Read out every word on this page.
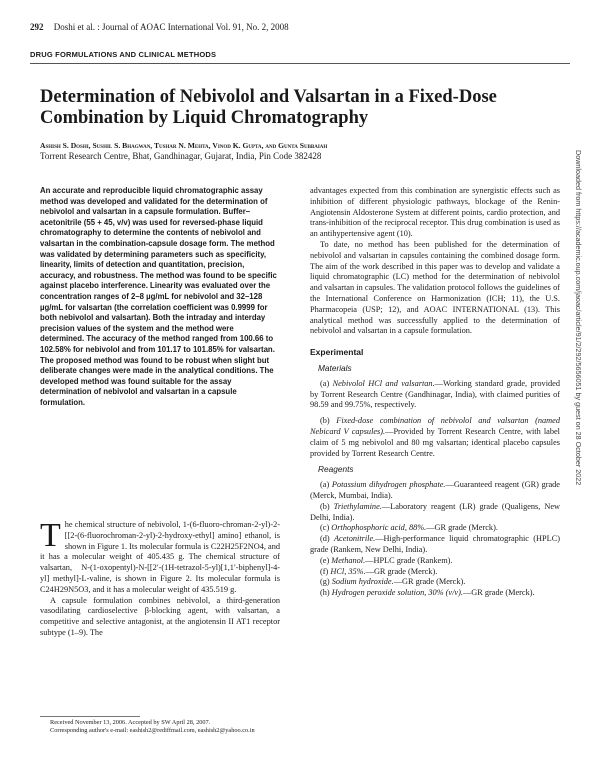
292 Doshi et al. : Journal of AOAC International Vol. 91, No. 2, 2008
DRUG FORMULATIONS AND CLINICAL METHODS
Determination of Nebivolol and Valsartan in a Fixed-Dose Combination by Liquid Chromatography
Ashish S. Doshi, Sushil S. Bhagwan, Tushar N. Mehta, Vinod K. Gupta, and Gunta Subbaiah
Torrent Research Centre, Bhat, Gandhinagar, Gujarat, India, Pin Code 382428
An accurate and reproducible liquid chromatographic assay method was developed and validated for the determination of nebivolol and valsartan in a capsule formulation. Buffer–acetonitrile (55 + 45, v/v) was used for reversed-phase liquid chromatography to determine the contents of nebivolol and valsartan in the combination-capsule dosage form. The method was validated by determining parameters such as specificity, linearity, limits of detection and quantitation, precision, accuracy, and robustness. The method was found to be specific against placebo interference. Linearity was evaluated over the concentration ranges of 2–8 µg/mL for nebivolol and 32–128 µg/mL for valsartan (the correlation coefficient was 0.9999 for both nebivolol and valsartan). Both the intraday and interday precision values of the system and the method were determined. The accuracy of the method ranged from 100.66 to 102.58% for nebivolol and from 101.17 to 101.85% for valsartan. The proposed method was found to be robust when slight but deliberate changes were made in the analytical conditions. The developed method was found suitable for the assay determination of nebivolol and valsartan in a capsule formulation.

The chemical structure of nebivolol, 1-(6-fluoro-chroman-2-yl)-2-[[2-(6-fluorochroman-2-yl)-2-hydroxy-ethyl] amino] ethanol, is shown in Figure 1. Its molecular formula is C22H25F2NO4, and it has a molecular weight of 405.435 g. The chemical structure of valsartan, N-(1-oxopentyl)-N-[[2′-(1H-tetrazol-5-yl)[1,1′-biphenyl]-4-yl] methyl]-L-valine, is shown in Figure 2. Its molecular formula is C24H29N5O3, and it has a molecular weight of 435.519 g.

A capsule formulation combines nebivolol, a third-generation vasodilating cardioselective β-blocking agent, with valsartan, a competitive and selective antagonist, at the angiotensin II AT1 receptor subtype (1–9). The

Received November 13, 2006. Accepted by SW April 28, 2007.
Corresponding author's e-mail: eashish2@rediffmail.com, eashish2@yahoo.co.in

advantages expected from this combination are synergistic effects such as inhibition of different physiologic pathways, blockage of the Renin-Angiotensin Aldosterone System at different points, cardio protection, and trans-inhibition of the reciprocal receptor. This drug combination is used as an antihypertensive agent (10).

To date, no method has been published for the determination of nebivolol and valsartan in capsules containing the combined dosage form. The aim of the work described in this paper was to develop and validate a liquid chromatographic (LC) method for the determination of nebivolol and valsartan in capsules. The validation protocol follows the guidelines of the International Conference on Harmonization (ICH; 11), the U.S. Pharmacopeia (USP; 12), and AOAC INTERNATIONAL (13). This analytical method was successfully applied to the determination of nebivolol and valsartan in a capsule formulation.

Experimental
Materials

(a) Nebivolol HCl and valsartan.—Working standard grade, provided by Torrent Research Centre (Gandhinagar, India), with claimed purities of 98.59 and 99.75%, respectively.

(b) Fixed-dose combination of nebivolol and valsartan (named Nebicard V capsules).—Provided by Torrent Research Centre, with label claim of 5 mg nebivolol and 80 mg valsartan; identical placebo capsules provided by Torrent Research Centre.

Reagents

(a) Potassium dihydrogen phosphate.—Guaranteed reagent (GR) grade (Merck, Mumbai, India).

(b) Triethylamine.—Laboratory reagent (LR) grade (Qualigens, New Delhi, India).

(c) Orthophosphoric acid, 88%.—GR grade (Merck).

(d) Acetonitrile.—High-performance liquid chromatographic (HPLC) grade (Rankem, New Delhi, India).

(e) Methanol.—HPLC grade (Rankem).

(f) HCl, 35%.—GR grade (Merck).

(g) Sodium hydroxide.—GR grade (Merck).

(h) Hydrogen peroxide solution, 30% (v/v).—GR grade (Merck).

Downloaded from https://academic.oup.com/jaoac/article/91/2/292/5656051 by guest on 28 October 2022
